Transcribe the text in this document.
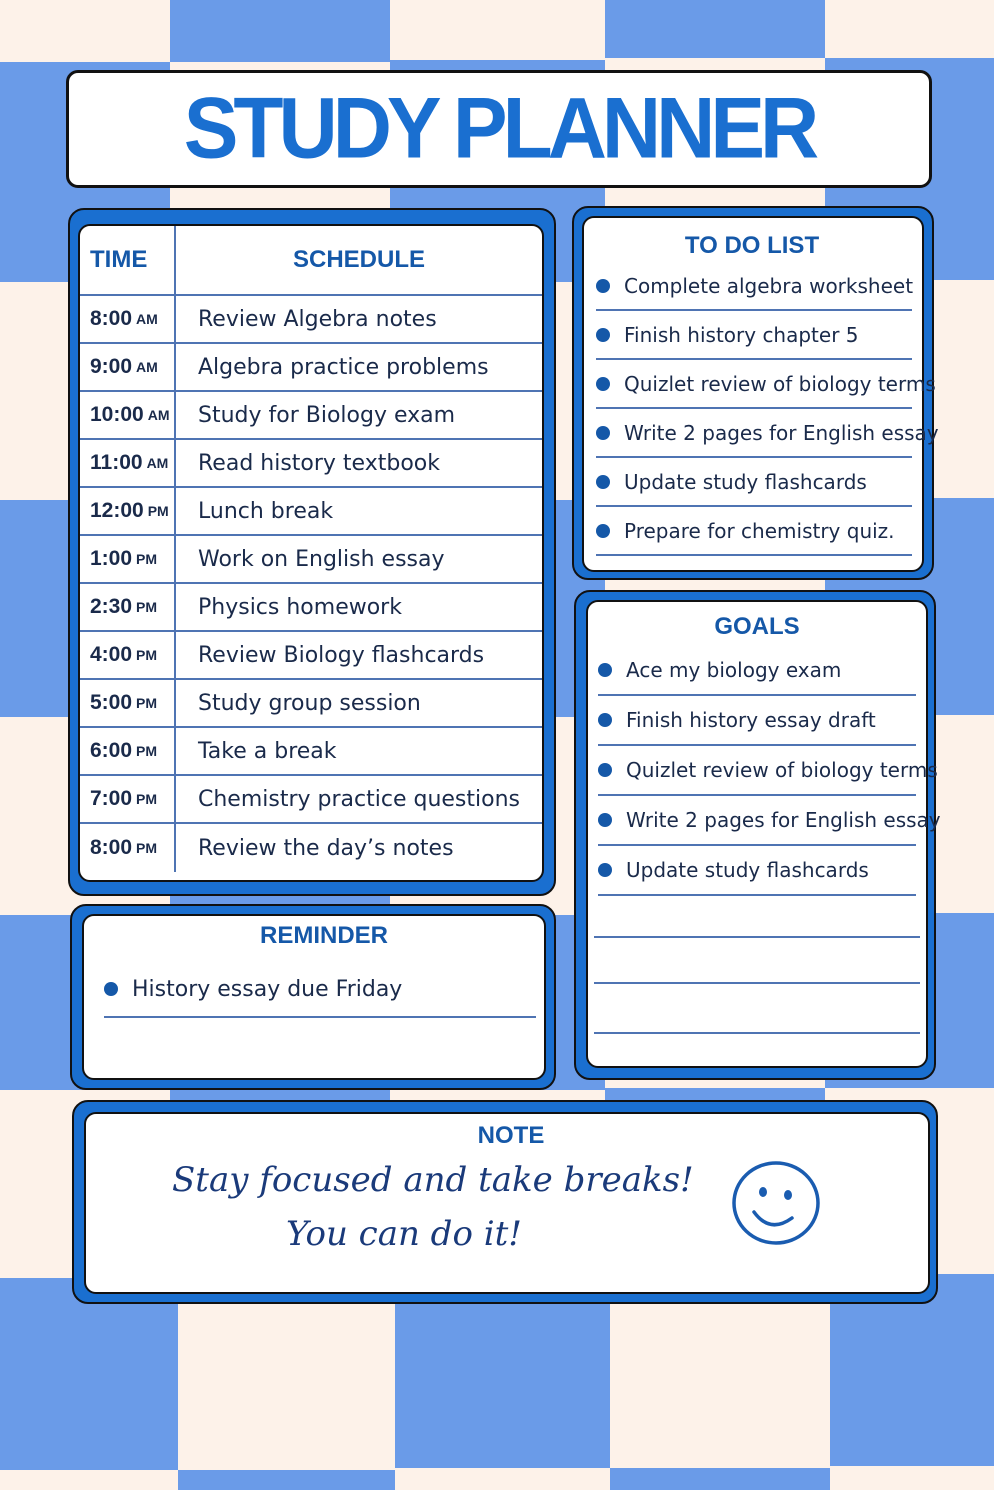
STUDY PLANNER
TIME	SCHEDULE
8:00 AM	Review Algebra notes
9:00 AM	Algebra practice problems
10:00 AM	Study for Biology exam
11:00 AM	Read history textbook
12:00 PM	Lunch break
1:00 PM	Work on English essay
2:30 PM	Physics homework
4:00 PM	Review Biology flashcards
5:00 PM	Study group session
6:00 PM	Take a break
7:00 PM	Chemistry practice questions
8:00 PM	Review the day’s notes
REMINDER
History essay due Friday
TO DO LIST
Complete algebra worksheet
Finish history chapter 5
Quizlet review of biology terms
Write 2 pages for English essay
Update study flashcards
Prepare for chemistry quiz.
GOALS
Ace my biology exam
Finish history essay draft
Quizlet review of biology terms
Write 2 pages for English essay
Update study flashcards
NOTE
Stay focused and take breaks!
You can do it!
